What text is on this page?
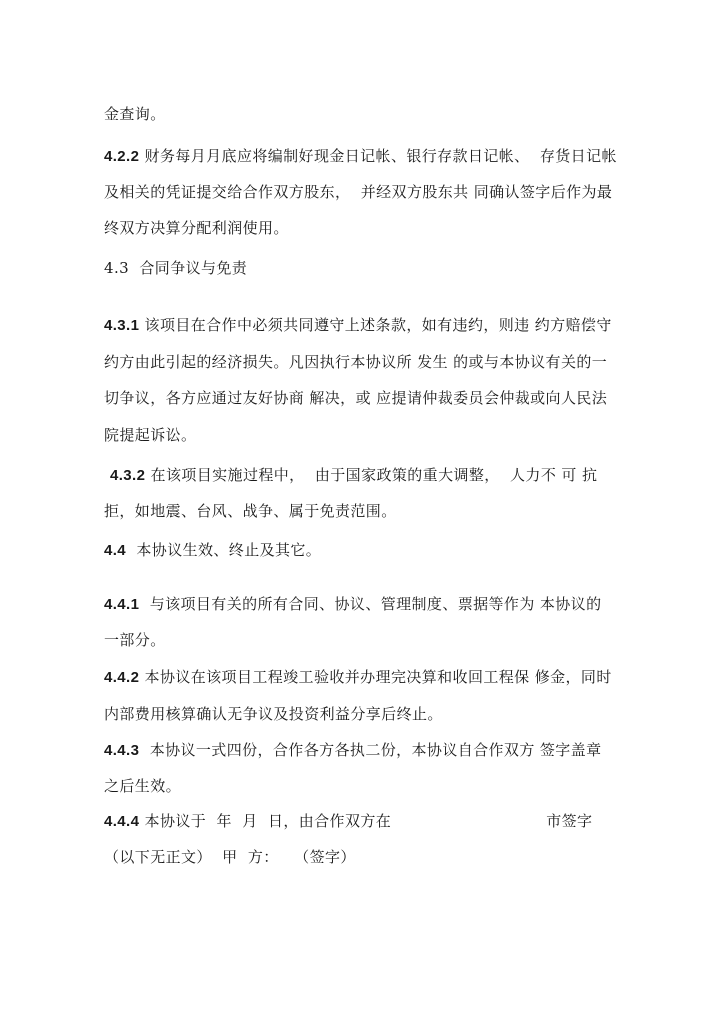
金查询。
4.2.2 财务每月月底应将编制好现金日记帐、银行存款日记帐、  存货日记帐
及相关的凭证提交给合作双方股东，  并经双方股东共 同确认签字后作为最
终双方决算分配利润使用。
4.3  合同争议与免责
4.3.1 该项目在合作中必须共同遵守上述条款，如有违约，则违 约方赔偿守
约方由此引起的经济损失。凡因执行本协议所 发生 的或与本协议有关的一
切争议，各方应通过友好协商 解决，或 应提请仲裁委员会仲裁或向人民法
院提起诉讼。
4.3.2 在该项目实施过程中，  由于国家政策的重大调整，  人力不 可 抗
拒，如地震、台风、战争、属于免责范围。
4.4  本协议生效、终止及其它。
4.4.1  与该项目有关的所有合同、协议、管理制度、票据等作为 本协议的
一部分。
4.4.2 本协议在该项目工程竣工验收并办理完决算和收回工程保 修金，同时
内部费用核算确认无争议及投资利益分享后终止。
4.4.3  本协议一式四份，合作各方各执二份，本协议自合作双方 签字盖章
之后生效。
4.4.4 本协议于  年  月  日，由合作双方在                              市签字
（以下无正文）  甲  方：   （签字）
